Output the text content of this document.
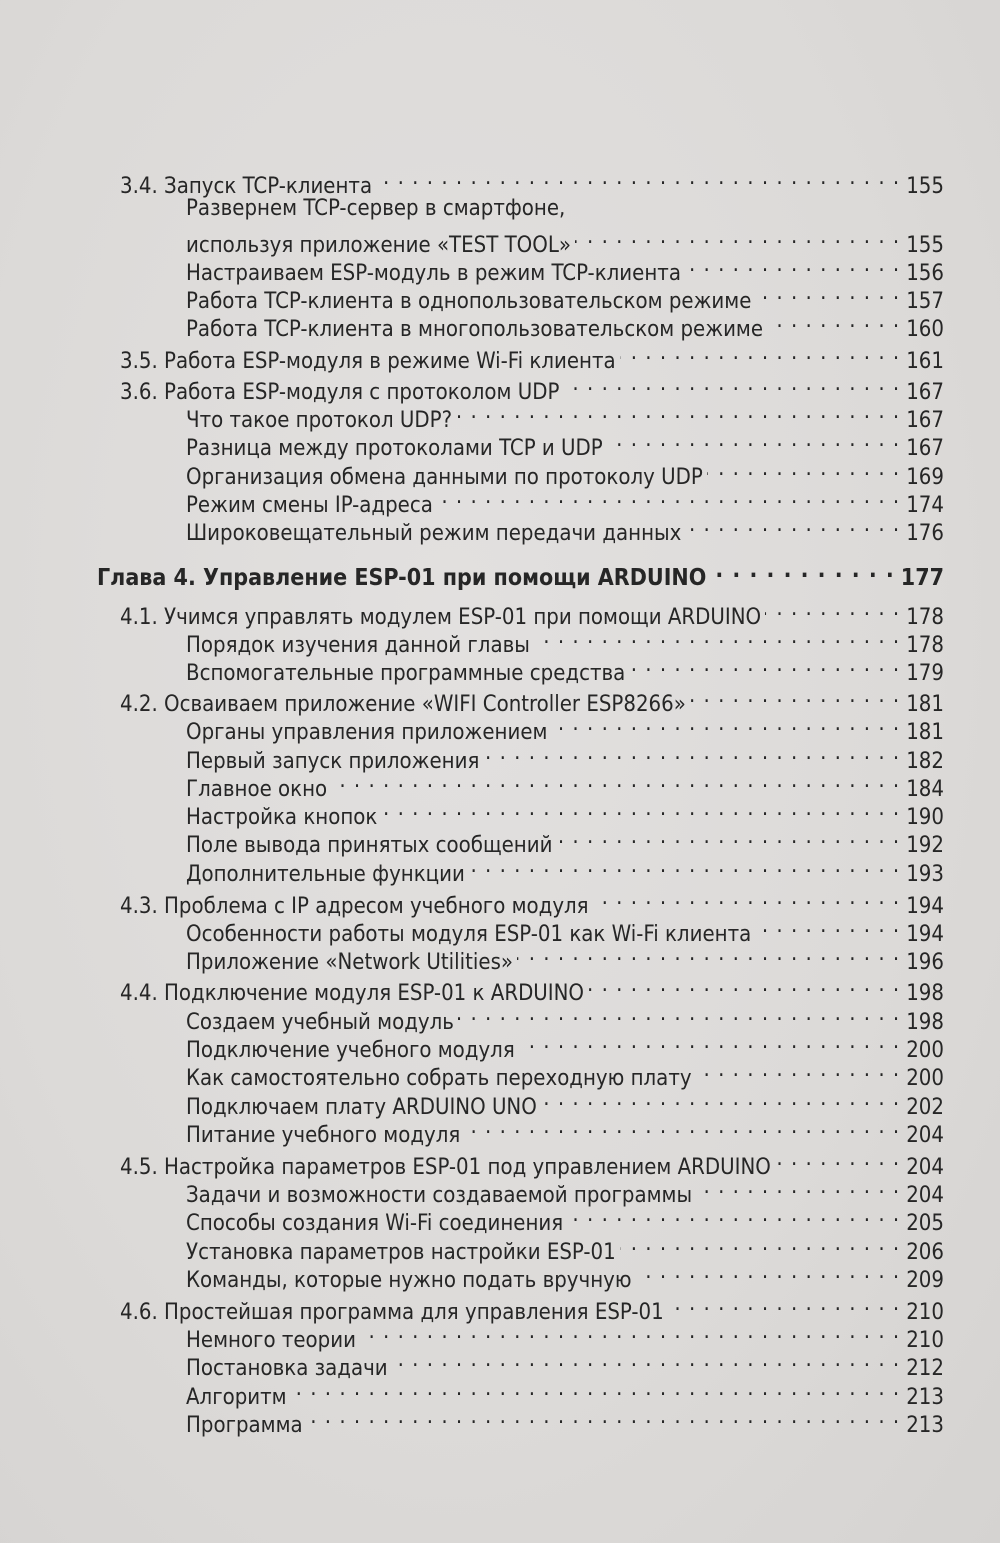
3.4. Запуск TCP-клиента . . .	155
Развернем TCP-сервер в смартфоне,
используя приложение «TEST TOOL» . . .	155
Настраиваем ESP-модуль в режим TCP-клиента . . .	156
Работа TCP-клиента в однопользовательском режиме . . .	157
Работа TCP-клиента в многопользовательском режиме . . .	160
3.5. Работа ESP-модуля в режиме Wi-Fi клиента . . .	161
3.6. Работа ESP-модуля с протоколом UDP . . .	167
Что такое протокол UDP? . . .	167
Разница между протоколами TCP и UDP . . .	167
Организация обмена данными по протоколу UDP . . .	169
Режим смены IP-адреса . . .	174
Широковещательный режим передачи данных . . .	176
Глава 4. Управление ESP-01 при помощи ARDUINO . . .	177
4.1. Учимся управлять модулем ESP-01 при помощи ARDUINO . . .	178
Порядок изучения данной главы . . .	178
Вспомогательные программные средства . . .	179
4.2. Осваиваем приложение «WIFI Controller ESP8266» . . .	181
Органы управления приложением . . .	181
Первый запуск приложения . . .	182
Главное окно . . .	184
Настройка кнопок . . .	190
Поле вывода принятых сообщений . . .	192
Дополнительные функции . . .	193
4.3. Проблема с IP адресом учебного модуля . . .	194
Особенности работы модуля ESP-01 как Wi-Fi клиента . . .	194
Приложение «Network Utilities» . . .	196
4.4. Подключение модуля ESP-01 к ARDUINO . . .	198
Создаем учебный модуль . . .	198
Подключение учебного модуля . . .	200
Как самостоятельно собрать переходную плату . . .	200
Подключаем плату ARDUINO UNO . . .	202
Питание учебного модуля . . .	204
4.5. Настройка параметров ESP-01 под управлением ARDUINO . . .	204
Задачи и возможности создаваемой программы . . .	204
Способы создания Wi-Fi соединения . . .	205
Установка параметров настройки ESP-01 . . .	206
Команды, которые нужно подать вручную . . .	209
4.6. Простейшая программа для управления ESP-01 . . .	210
Немного теории . . .	210
Постановка задачи . . .	212
Алгоритм . . .	213
Программа . . .	213
